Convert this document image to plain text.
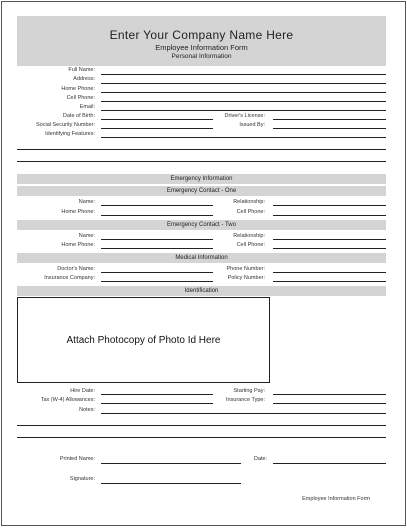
Enter Your Company Name Here
Employee Information Form
Personal Information
Full Name:
Address:
Home Phone:
Cell Phone:
Email:
Date of Birth:	Driver's License:
Social Security Number:	Issued By:
Identifying Features:
Emergency Information
Emergency Contact - One
Name:	Relationship:
Home Phone:	Cell Phone:
Emergency Contact - Two
Name:	Relationship:
Home Phone:	Cell Phone:
Medical Information
Doctor's Name:	Phone Number:
Insurance Company:	Policy Number:
Identification
Attach Photocopy of Photo Id Here
Hire Date:	Starting Pay:
Tax (W-4) Allowances:	Insurance Type:
Notes:
Printed Name:	Date:
Signature:
Employee Information Form
